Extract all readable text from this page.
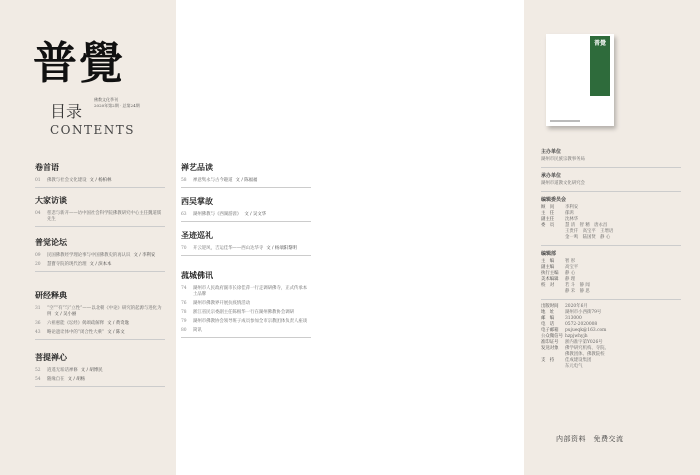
普覺
目录
佛教文化季刊
2020年第2期 · 总第24期
CONTENTS
卷首语
01 佛教与社会文化建设 文 / 杨柏林
大家访谈
04 慈悲与新开——访中国社会科学院佛教研究中心主任魏道儒先生
普觉论坛
09 民国佛教经学理论事与中国佛教史的再认识 文 / 李利安
20 慧寶寺院的现代治理 文 / 滨本本
研经释典
31 “空”“有”与“立性”——以北朝《中论》研究的起源与进化为例 文 / 吴小丽
36 六祖惠能《坛经》偈颂疏解释 文 / 黄奇逸
43 略论遮诠体中的“闭合性大乘” 文 / 陈文
菩提禅心
52 逍遥无垢话禅修 文 / 胡博民
54 随缘自在 文 / 胡杨
禅艺品读
58 禅意隽永与古今趣道 文 / 陈福福
西吴掌故
63 湖州佛教与《西湖游涯》 文 / 吴文华
圣迹巡礼
70 开云迎风，吉运佳华——西山达华寺 文 / 杨端阳黎明
菰城佛讯
74 湖州市人民政府副市长徐佳萍一行走调研佛寺，正式传承本土品牌
76 湖州市佛教界开展抗疫情活动
78 浙江省民宗委副主任陈根华一行在湖州佛教协会调研
79 湖州市佛教协会领导班子成员参加全市宗教团体负责人座谈
80 简讯
普覺
主办单位
湖州市民族宗教事务局
承办单位
湖州市道教文化研究会
编辑委员会
顾　问	李利安
主　任	郁鸿
副主任	沈林华
委　员	慧 清　智 精　唐永昌
王贵仟　高宝平　王增语
金一鸣　陆国贤　静 心
编辑部
主　编	智 彤
副主编	高宝平
执行主编	静 心
美术编辑	静 理
校　对	若 斗　静 闻
静 禾　静 思
出版时间	2020年6月
地　址	湖州市小西街79号
邮　编	313000
电　话	0572-2020008
电子邮箱	pujueqk@163.com
公众微信号 hzpjwhyjh
准印证号	浙内准字第Y026号
发送对象	佛学研究机构、寺院、
佛教团体、佛教院校
支　持	佳成建设集团
东元电气
内部资料　免费交流
